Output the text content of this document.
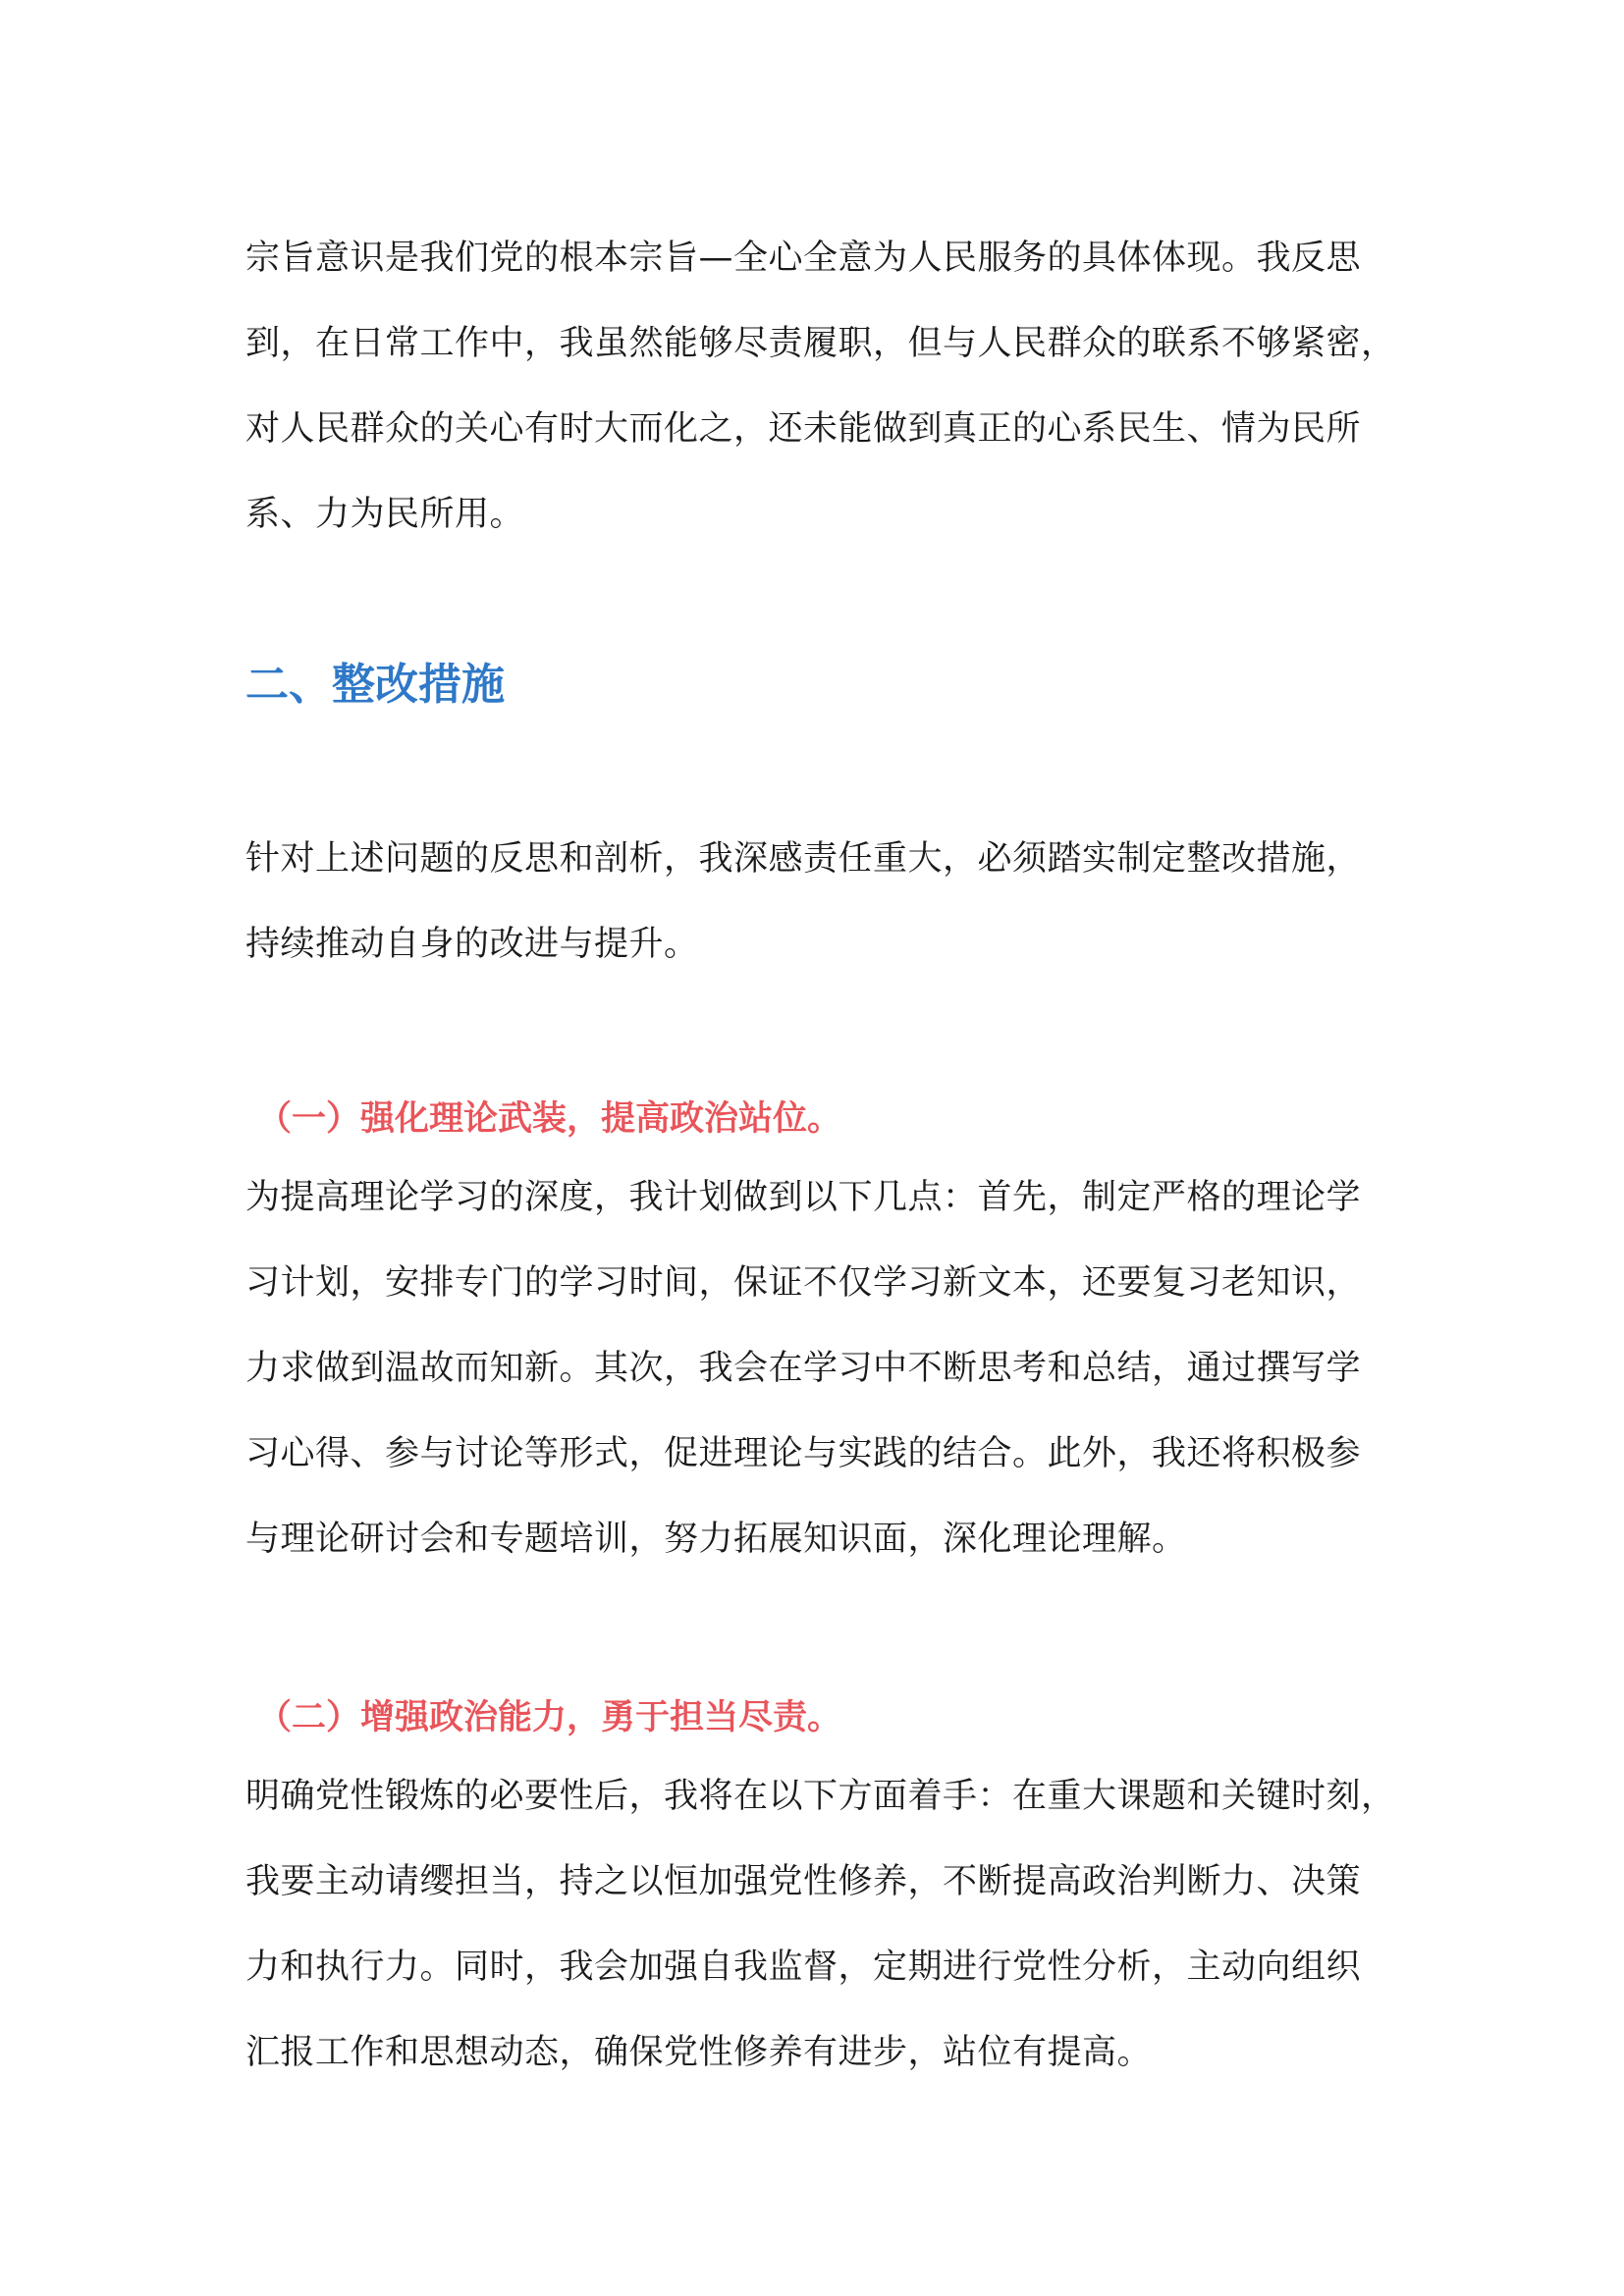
宗旨意识是我们党的根本宗旨—全心全意为人民服务的具体体现。我反思
到，在日常工作中，我虽然能够尽责履职，但与人民群众的联系不够紧密，
对人民群众的关心有时大而化之，还未能做到真正的心系民生、情为民所
系、力为民所用。
二、整改措施
针对上述问题的反思和剖析，我深感责任重大，必须踏实制定整改措施，
持续推动自身的改进与提升。
（一）强化理论武装，提高政治站位。
为提高理论学习的深度，我计划做到以下几点：首先，制定严格的理论学
习计划，安排专门的学习时间，保证不仅学习新文本，还要复习老知识，
力求做到温故而知新。其次，我会在学习中不断思考和总结，通过撰写学
习心得、参与讨论等形式，促进理论与实践的结合。此外，我还将积极参
与理论研讨会和专题培训，努力拓展知识面，深化理论理解。
（二）增强政治能力，勇于担当尽责。
明确党性锻炼的必要性后，我将在以下方面着手：在重大课题和关键时刻，
我要主动请缨担当，持之以恒加强党性修养，不断提高政治判断力、决策
力和执行力。同时，我会加强自我监督，定期进行党性分析，主动向组织
汇报工作和思想动态，确保党性修养有进步，站位有提高。
